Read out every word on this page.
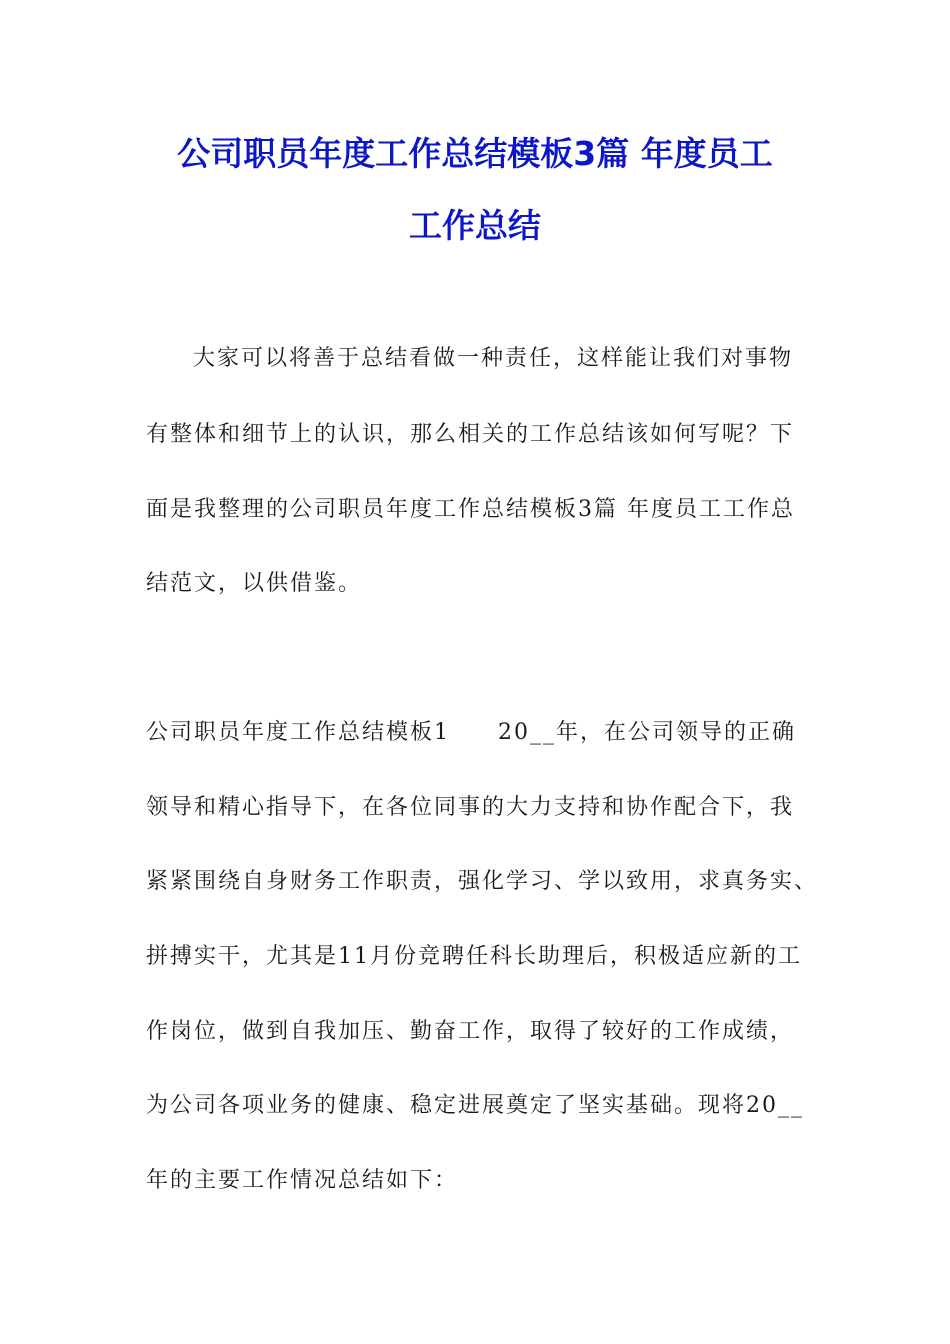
公司职员年度工作总结模板3篇 年度员工
工作总结
大家可以将善于总结看做一种责任，这样能让我们对事物
有整体和细节上的认识，那么相关的工作总结该如何写呢？下
面是我整理的公司职员年度工作总结模板3篇 年度员工工作总
结范文，以供借鉴。
公司职员年度工作总结模板1　　20__年，在公司领导的正确
领导和精心指导下，在各位同事的大力支持和协作配合下，我
紧紧围绕自身财务工作职责，强化学习、学以致用，求真务实、
拼搏实干，尤其是11月份竞聘任科长助理后，积极适应新的工
作岗位，做到自我加压、勤奋工作，取得了较好的工作成绩，
为公司各项业务的健康、稳定进展奠定了坚实基础。现将20__
年的主要工作情况总结如下：
